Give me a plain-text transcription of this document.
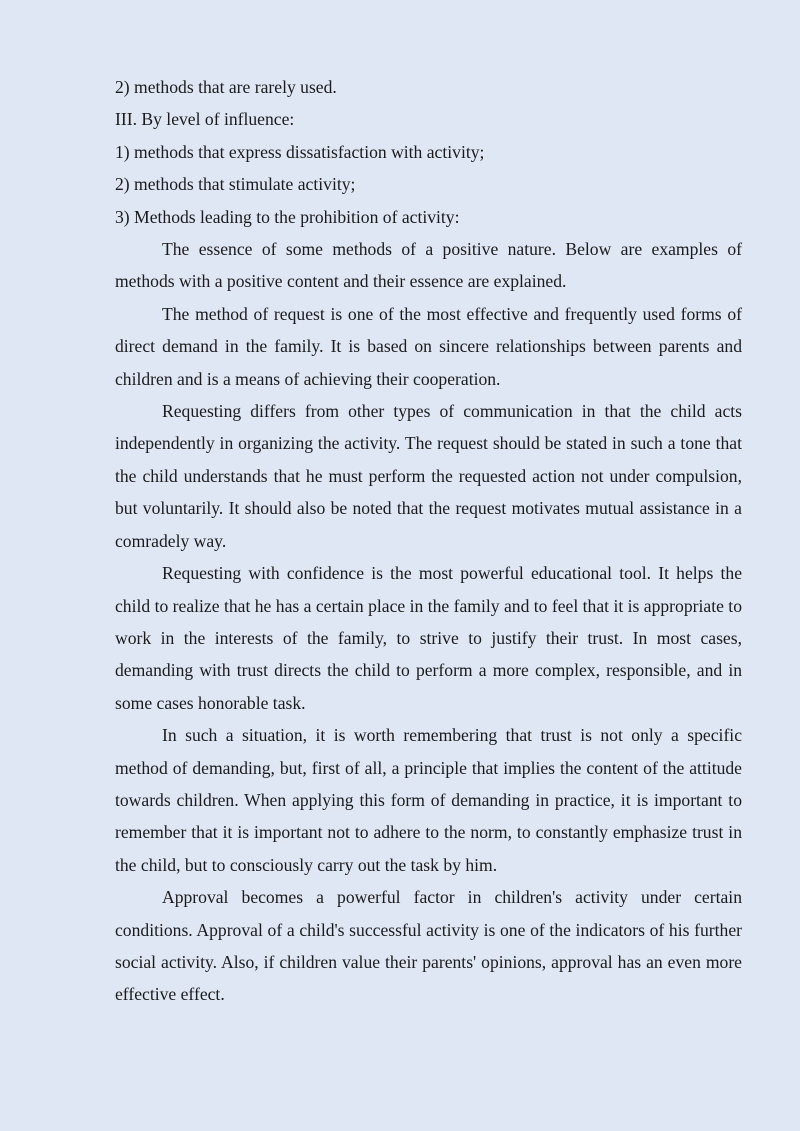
2) methods that are rarely used.

III. By level of influence:

1) methods that express dissatisfaction with activity;

2) methods that stimulate activity;

3) Methods leading to the prohibition of activity:

The essence of some methods of a positive nature. Below are examples of methods with a positive content and their essence are explained.

The method of request is one of the most effective and frequently used forms of direct demand in the family. It is based on sincere relationships between parents and children and is a means of achieving their cooperation.

Requesting differs from other types of communication in that the child acts independently in organizing the activity. The request should be stated in such a tone that the child understands that he must perform the requested action not under compulsion, but voluntarily. It should also be noted that the request motivates mutual assistance in a comradely way.

Requesting with confidence is the most powerful educational tool. It helps the child to realize that he has a certain place in the family and to feel that it is appropriate to work in the interests of the family, to strive to justify their trust. In most cases, demanding with trust directs the child to perform a more complex, responsible, and in some cases honorable task.

In such a situation, it is worth remembering that trust is not only a specific method of demanding, but, first of all, a principle that implies the content of the attitude towards children. When applying this form of demanding in practice, it is important to remember that it is important not to adhere to the norm, to constantly emphasize trust in the child, but to consciously carry out the task by him.

Approval becomes a powerful factor in children's activity under certain conditions. Approval of a child's successful activity is one of the indicators of his further social activity. Also, if children value their parents' opinions, approval has an even more effective effect.
